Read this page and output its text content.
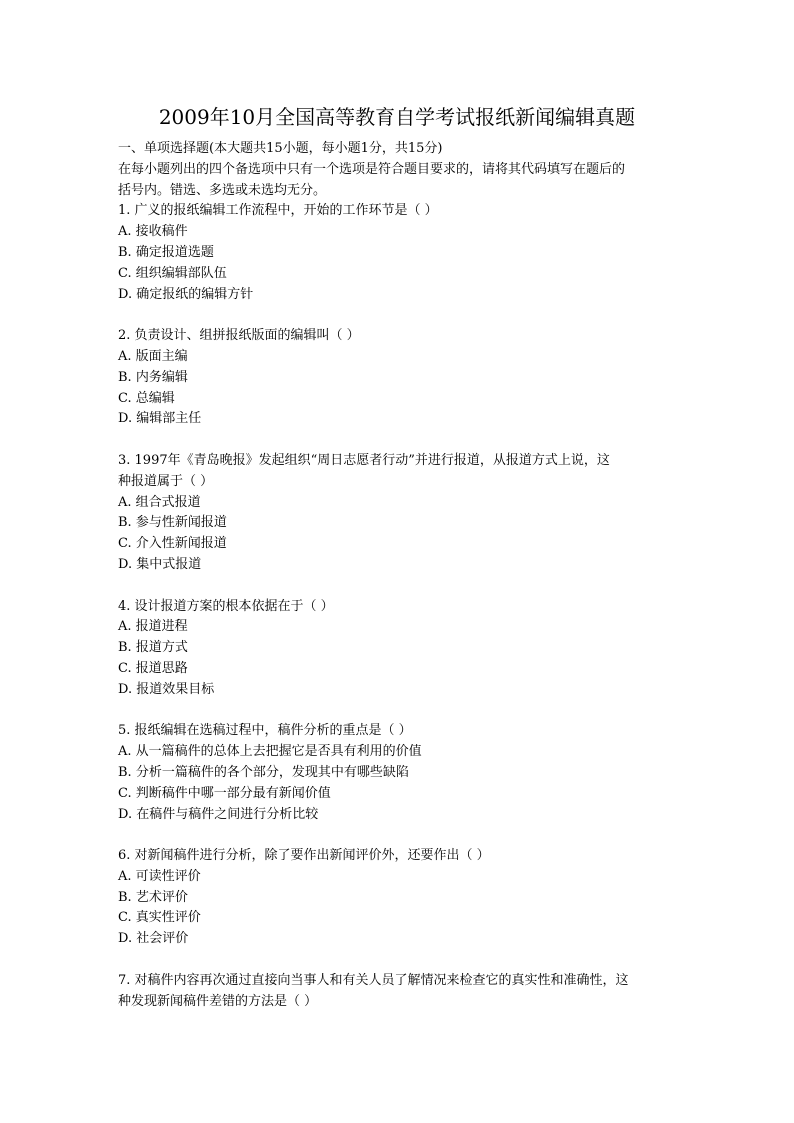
2009年10月全国高等教育自学考试报纸新闻编辑真题
一、单项选择题(本大题共15小题，每小题1分，共15分)
在每小题列出的四个备选项中只有一个选项是符合题目要求的，请将其代码填写在题后的
括号内。错选、多选或未选均无分。
1. 广义的报纸编辑工作流程中，开始的工作环节是（ ）
A. 接收稿件
B. 确定报道选题
C. 组织编辑部队伍
D. 确定报纸的编辑方针
2. 负责设计、组拼报纸版面的编辑叫（ ）
A. 版面主编
B. 内务编辑
C. 总编辑
D. 编辑部主任
3. 1997年《青岛晚报》发起组织“周日志愿者行动”并进行报道，从报道方式上说，这
种报道属于（ ）
A. 组合式报道
B. 参与性新闻报道
C. 介入性新闻报道
D. 集中式报道
4. 设计报道方案的根本依据在于（ ）
A. 报道进程
B. 报道方式
C. 报道思路
D. 报道效果目标
5. 报纸编辑在选稿过程中，稿件分析的重点是（ ）
A. 从一篇稿件的总体上去把握它是否具有利用的价值
B. 分析一篇稿件的各个部分，发现其中有哪些缺陷
C. 判断稿件中哪一部分最有新闻价值
D. 在稿件与稿件之间进行分析比较
6. 对新闻稿件进行分析，除了要作出新闻评价外，还要作出（ ）
A. 可读性评价
B. 艺术评价
C. 真实性评价
D. 社会评价
7. 对稿件内容再次通过直接向当事人和有关人员了解情况来检查它的真实性和准确性，这
种发现新闻稿件差错的方法是（ ）
